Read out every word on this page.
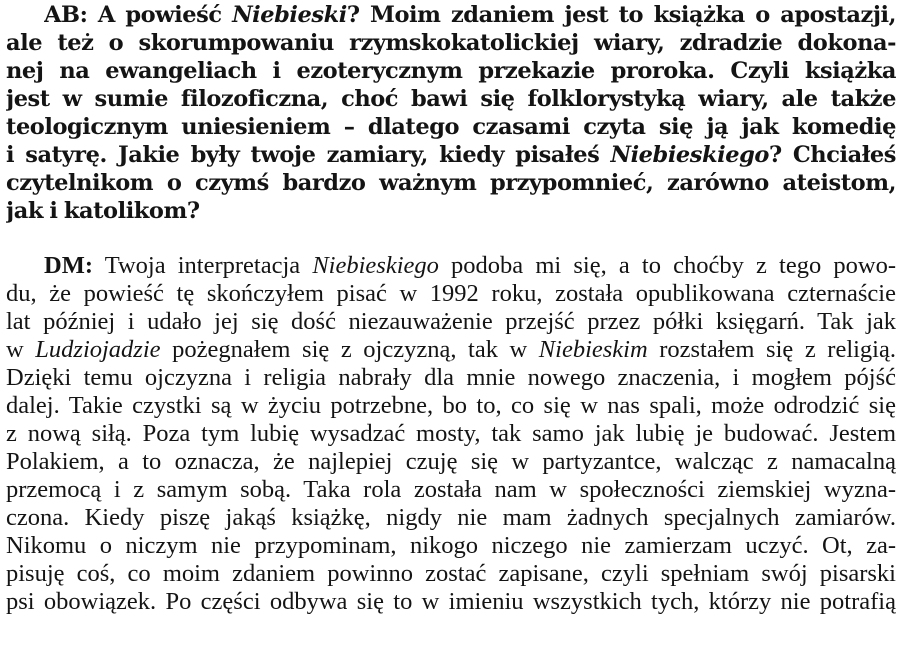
AB: A powieść Niebieski? Moim zdaniem jest to książka o apostazji,
ale też o skorumpowaniu rzymskokatolickiej wiary, zdradzie dokona-
nej na ewangeliach i ezoterycznym przekazie proroka. Czyli książka
jest w sumie filozoficzna, choć bawi się folklorystyką wiary, ale także
teologicznym uniesieniem – dlatego czasami czyta się ją jak komedię
i satyrę. Jakie były twoje zamiary, kiedy pisałeś Niebieskiego? Chciałeś
czytelnikom o czymś bardzo ważnym przypomnieć, zarówno ateistom,
jak i katolikom?
DM: Twoja interpretacja Niebieskiego podoba mi się, a to choćby z tego powo-
du, że powieść tę skończyłem pisać w 1992 roku, została opublikowana czternaście
lat później i udało jej się dość niezauważenie przejść przez półki księgarń. Tak jak
w Ludziojadzie pożegnałem się z ojczyzną, tak w Niebieskim rozstałem się z religią.
Dzięki temu ojczyzna i religia nabrały dla mnie nowego znaczenia, i mogłem pójść
dalej. Takie czystki są w życiu potrzebne, bo to, co się w nas spali, może odrodzić się
z nową siłą. Poza tym lubię wysadzać mosty, tak samo jak lubię je budować. Jestem
Polakiem, a to oznacza, że najlepiej czuję się w partyzantce, walcząc z namacalną
przemocą i z samym sobą. Taka rola została nam w społeczności ziemskiej wyzna-
czona. Kiedy piszę jakąś książkę, nigdy nie mam żadnych specjalnych zamiarów.
Nikomu o niczym nie przypominam, nikogo niczego nie zamierzam uczyć. Ot, za-
pisuję coś, co moim zdaniem powinno zostać zapisane, czyli spełniam swój pisarski
psi obowiązek. Po części odbywa się to w imieniu wszystkich tych, którzy nie potrafią
